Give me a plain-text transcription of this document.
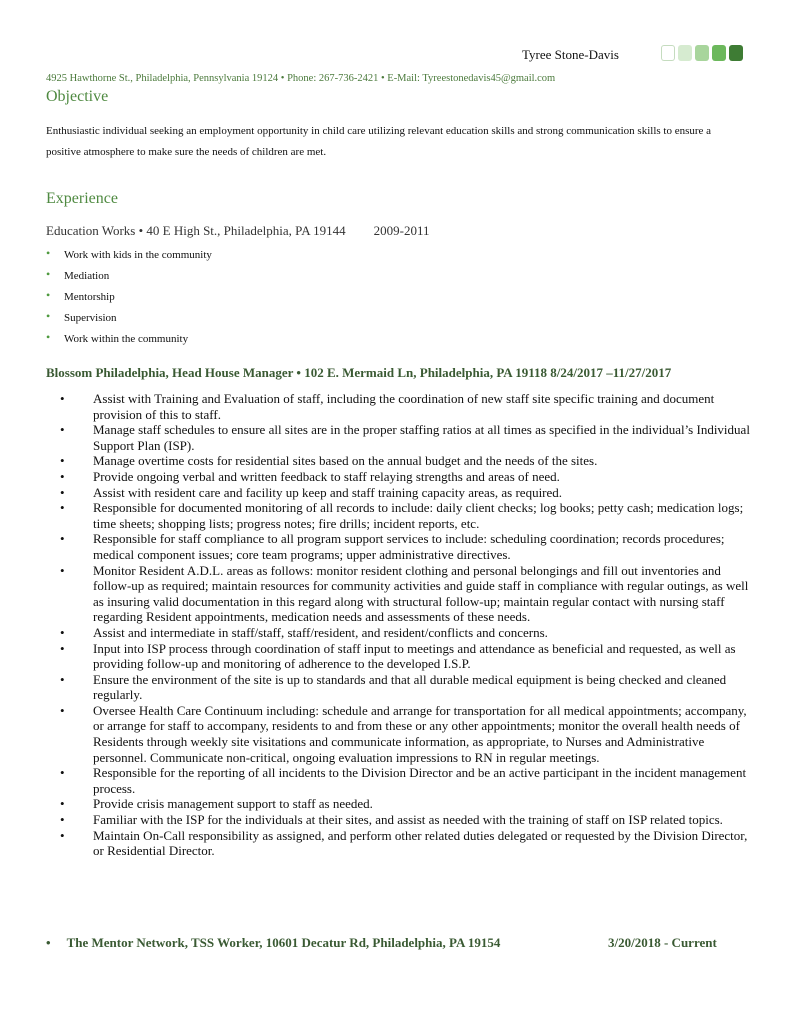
Tyree Stone-Davis
4925 Hawthorne St., Philadelphia, Pennsylvania 19124 • Phone: 267-736-2421 • E-Mail: Tyreestonedavis45@gmail.com
Objective
Enthusiastic individual seeking an employment opportunity in child care utilizing relevant education skills and strong communication skills to ensure a positive atmosphere to make sure the needs of children are met.
Experience
Education Works • 40 E High St., Philadelphia, PA 19144 2009-2011
• Work with kids in the community
• Mediation
• Mentorship
• Supervision
• Work within the community
Blossom Philadelphia, Head House Manager • 102 E. Mermaid Ln, Philadelphia, PA 19118 8/24/2017 –11/27/2017
• Assist with Training and Evaluation of staff, including the coordination of new staff site specific training and document provision of this to staff.
• Manage staff schedules to ensure all sites are in the proper staffing ratios at all times as specified in the individual’s Individual Support Plan (ISP).
• Manage overtime costs for residential sites based on the annual budget and the needs of the sites.
• Provide ongoing verbal and written feedback to staff relaying strengths and areas of need.
• Assist with resident care and facility up keep and staff training capacity areas, as required.
• Responsible for documented monitoring of all records to include: daily client checks; log books; petty cash; medication logs; time sheets; shopping lists; progress notes; fire drills; incident reports, etc.
• Responsible for staff compliance to all program support services to include: scheduling coordination; records procedures; medical component issues; core team programs; upper administrative directives.
• Monitor Resident A.D.L. areas as follows: monitor resident clothing and personal belongings and fill out inventories and follow-up as required; maintain resources for community activities and guide staff in compliance with regular outings, as well as insuring valid documentation in this regard along with structural follow-up; maintain regular contact with nursing staff regarding Resident appointments, medication needs and assessments of these needs.
• Assist and intermediate in staff/staff, staff/resident, and resident/conflicts and concerns.
• Input into ISP process through coordination of staff input to meetings and attendance as beneficial and requested, as well as providing follow-up and monitoring of adherence to the developed I.S.P.
• Ensure the environment of the site is up to standards and that all durable medical equipment is being checked and cleaned regularly.
• Oversee Health Care Continuum including: schedule and arrange for transportation for all medical appointments; accompany, or arrange for staff to accompany, residents to and from these or any other appointments; monitor the overall health needs of Residents through weekly site visitations and communicate information, as appropriate, to Nurses and Administrative personnel. Communicate non-critical, ongoing evaluation impressions to RN in regular meetings.
• Responsible for the reporting of all incidents to the Division Director and be an active participant in the incident management process.
• Provide crisis management support to staff as needed.
• Familiar with the ISP for the individuals at their sites, and assist as needed with the training of staff on ISP related topics.
• Maintain On-Call responsibility as assigned, and perform other related duties delegated or requested by the Division Director, or Residential Director.
• The Mentor Network, TSS Worker, 10601 Decatur Rd, Philadelphia, PA 19154	3/20/2018 - Current
